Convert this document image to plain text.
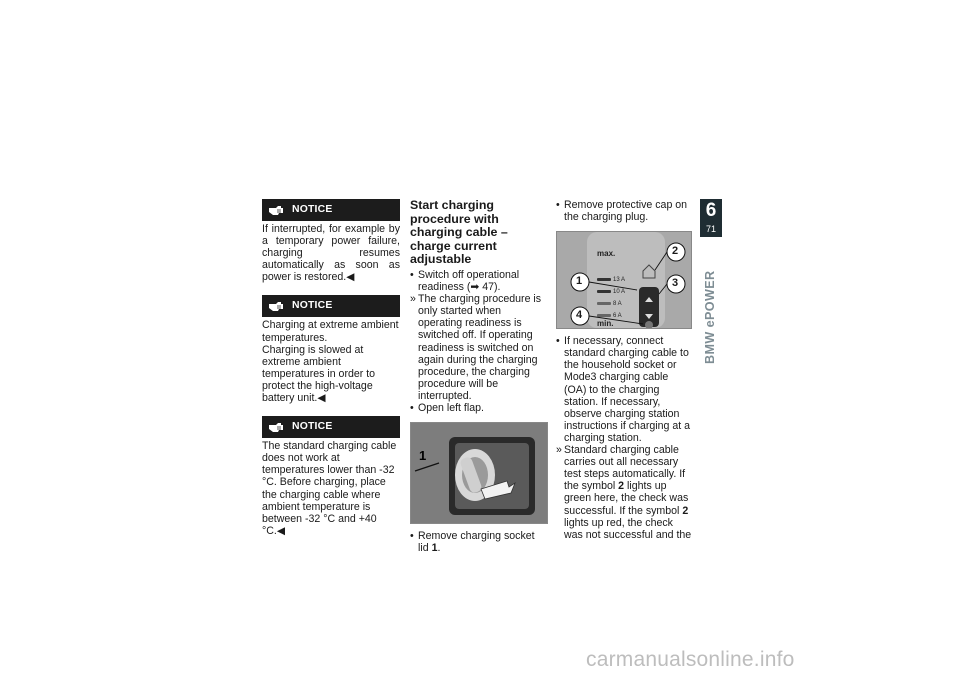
NOTICE

If interrupted, for example by a temporary power failure, charging resumes automatically as soon as power is restored.◀

NOTICE

Charging at extreme ambient temperatures.

Charging is slowed at extreme ambient temperatures in order to protect the high-voltage battery unit.◀

NOTICE

The standard charging cable does not work at temperatures lower than -32 °C. Before charging, place the charging cable where ambient temperature is between -32 °C and +40 °C.◀

Start charging procedure with charging cable – charge current adjustable
• Switch off operational readiness (➡ 47).
» The charging procedure is only started when operating readiness is switched off. If operating readiness is switched on again during the charging procedure, the charging procedure will be interrupted.
• Open left flap.
1
• Remove charging socket lid 1.
• Remove protective cap on the charging plug.
max.
13 A
10 A
8 A
6 A
min.
1
2
3
4
• If necessary, connect standard charging cable to the household socket or Mode3 charging cable (OA) to the charging station. If necessary, observe charging station instructions if charging at a charging station.
» Standard charging cable carries out all necessary test steps automatically. If the symbol 2 lights up green here, the check was successful. If the symbol 2 lights up red, the check was not successful and the
6
71
BMW ePOWER
carmanualsonline.info
